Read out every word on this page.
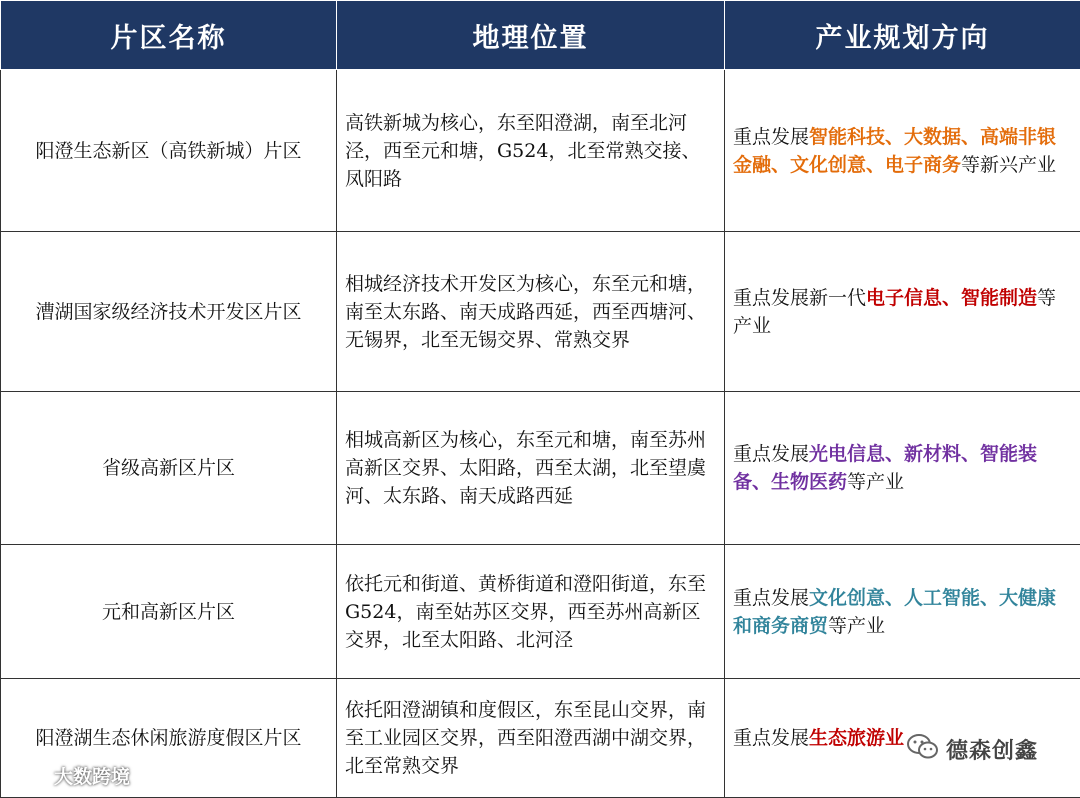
片区名称	地理位置	产业规划方向
阳澄生态新区（高铁新城）片区	高铁新城为核心，东至阳澄湖，南至北河泾，西至元和塘，G524，北至常熟交接、凤阳路	重点发展智能科技、大数据、高端非银金融、文化创意、电子商务等新兴产业
漕湖国家级经济技术开发区片区	相城经济技术开发区为核心，东至元和塘，南至太东路、南天成路西延，西至西塘河、无锡界，北至无锡交界、常熟交界	重点发展新一代电子信息、智能制造等产业
省级高新区片区	相城高新区为核心，东至元和塘，南至苏州高新区交界、太阳路，西至太湖，北至望虞河、太东路、南天成路西延	重点发展光电信息、新材料、智能装备、生物医药等产业
元和高新区片区	依托元和街道、黄桥街道和澄阳街道，东至G524，南至姑苏区交界，西至苏州高新区交界，北至太阳路、北河泾	重点发展文化创意、人工智能、大健康和商务商贸等产业
阳澄湖生态休闲旅游度假区片区	依托阳澄湖镇和度假区，东至昆山交界，南至工业园区交界，西至阳澄西湖中湖交界，北至常熟交界	重点发展生态旅游业
大数跨境
德森创鑫
